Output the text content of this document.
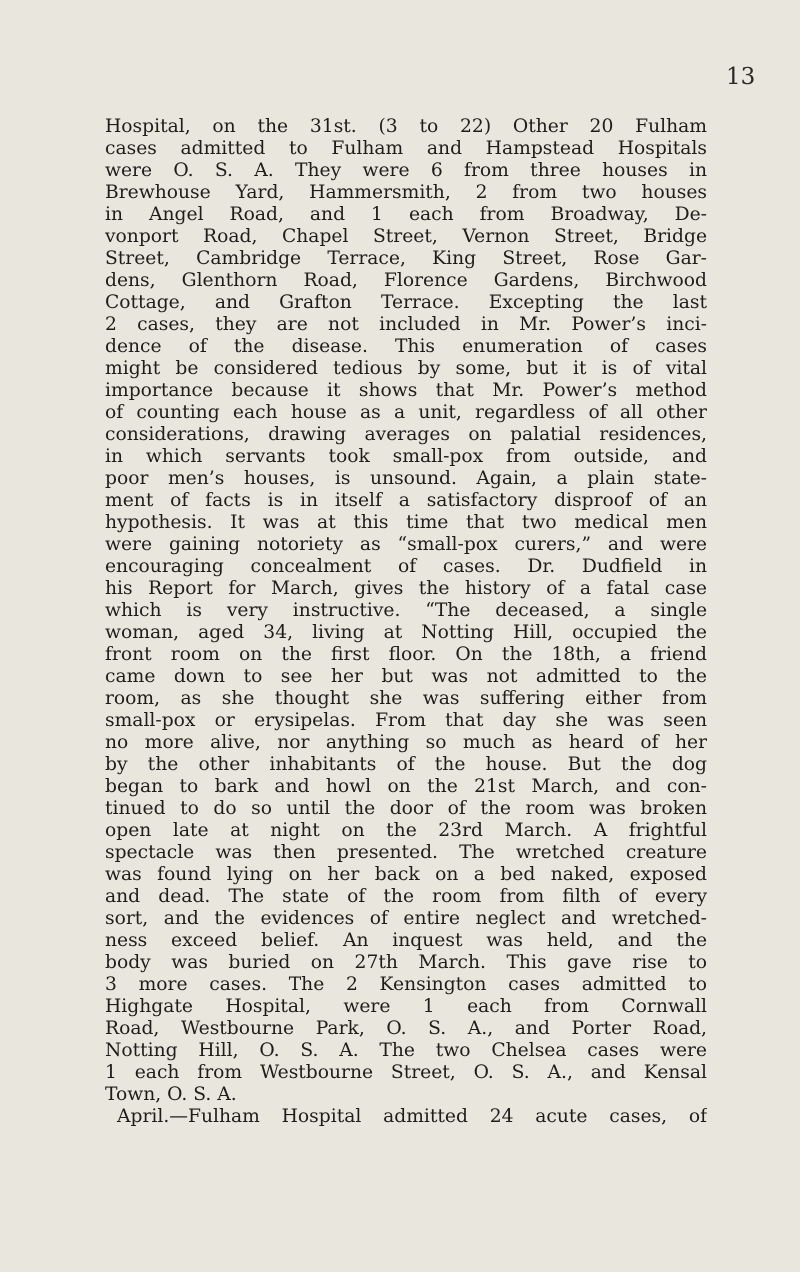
13
Hospital, on the 31st. (3 to 22) Other 20 Fulham
cases admitted to Fulham and Hampstead Hospitals
were O. S. A. They were 6 from three houses in
Brewhouse Yard, Hammersmith, 2 from two houses
in Angel Road, and 1 each from Broadway, De-
vonport Road, Chapel Street, Vernon Street, Bridge
Street, Cambridge Terrace, King Street, Rose Gar-
dens, Glenthorn Road, Florence Gardens, Birchwood
Cottage, and Grafton Terrace. Excepting the last
2 cases, they are not included in Mr. Power’s inci-
dence of the disease. This enumeration of cases
might be considered tedious by some, but it is of vital
importance because it shows that Mr. Power’s method
of counting each house as a unit, regardless of all other
considerations, drawing averages on palatial residences,
in which servants took small-pox from outside, and
poor men’s houses, is unsound. Again, a plain state-
ment of facts is in itself a satisfactory disproof of an
hypothesis. It was at this time that two medical men
were gaining notoriety as “small-pox curers,” and were
encouraging concealment of cases. Dr. Dudfield in
his Report for March, gives the history of a fatal case
which is very instructive. “The deceased, a single
woman, aged 34, living at Notting Hill, occupied the
front room on the first floor. On the 18th, a friend
came down to see her but was not admitted to the
room, as she thought she was suffering either from
small-pox or erysipelas. From that day she was seen
no more alive, nor anything so much as heard of her
by the other inhabitants of the house. But the dog
began to bark and howl on the 21st March, and con-
tinued to do so until the door of the room was broken
open late at night on the 23rd March. A frightful
spectacle was then presented. The wretched creature
was found lying on her back on a bed naked, exposed
and dead. The state of the room from filth of every
sort, and the evidences of entire neglect and wretched-
ness exceed belief. An inquest was held, and the
body was buried on 27th March. This gave rise to
3 more cases. The 2 Kensington cases admitted to
Highgate Hospital, were 1 each from Cornwall
Road, Westbourne Park, O. S. A., and Porter Road,
Notting Hill, O. S. A. The two Chelsea cases were
1 each from Westbourne Street, O. S. A., and Kensal
Town, O. S. A.
April.—Fulham Hospital admitted 24 acute cases, of
